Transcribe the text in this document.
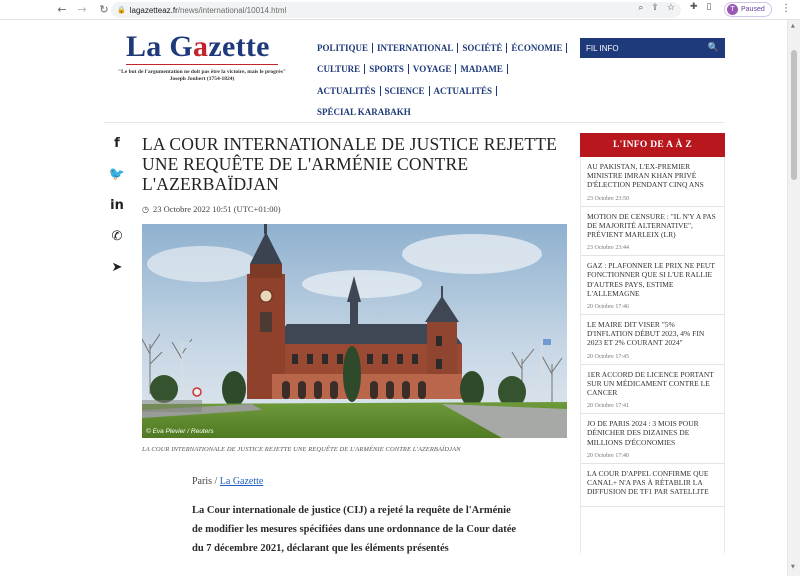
← →	↻	🔒 lagazetteaz.fr /news/international/10014.html	⌕ ⇪ ☆ ✚ ▯	T Paused ⋮
La Gazette
"Le but de l'argumentation ne doit pas être la victoire, mais le progrès"
Joseph Joubert (1754-1824)
POLITIQUE	INTERNATIONAL	SOCIÉTÉ	ÉCONOMIE
CULTURE	SPORTS	VOYAGE	MADAME
ACTUALITÉS	SCIENCE	ACTUALITÉS
SPÉCIAL KARABAKH
FIL INFO	🔍
f
🐦
in
✆
➤
LA COUR INTERNATIONALE DE JUSTICE REJETTE UNE REQUÊTE DE L'ARMÉNIE CONTRE L'AZERBAÏDJAN
◷ 23 Octobre 2022 10:51 (UTC+01:00)
© Eva Plevier / Reuters
LA COUR INTERNATIONALE DE JUSTICE REJETTE UNE REQUÊTE DE L'ARMÉNIE CONTRE L'AZERBAÏDJAN
Paris / La Gazette

La Cour internationale de justice (CIJ) a rejeté la requête de l'Arménie de modifier les mesures spécifiées dans une ordonnance de la Cour datée du 7 décembre 2021, déclarant que les éléments présentés

L'INFO DE A À Z
AU PAKISTAN, L'EX-PREMIER MINISTRE IMRAN KHAN PRIVÉ D'ÉLECTION PENDANT CINQ ANS
23 Octobre 23:50
MOTION DE CENSURE : "IL N'Y A PAS DE MAJORITÉ ALTERNATIVE", PRÉVIENT MARLEIX (LR)
23 Octobre 23:44
GAZ : PLAFONNER LE PRIX NE PEUT FONCTIONNER QUE SI L'UE RALLIE D'AUTRES PAYS, ESTIME L'ALLEMAGNE
20 Octobre 17:46
LE MAIRE DIT VISER "5% D'INFLATION DÉBUT 2023, 4% FIN 2023 ET 2% COURANT 2024"
20 Octobre 17:45
1ER ACCORD DE LICENCE PORTANT SUR UN MÉDICAMENT CONTRE LE CANCER
20 Octobre 17:41
JO DE PARIS 2024 : 3 MOIS POUR DÉNICHER DES DIZAINES DE MILLIONS D'ÉCONOMIES
20 Octobre 17:40
LA COUR D'APPEL CONFIRME QUE CANAL+ N'A PAS À RÉTABLIR LA DIFFUSION DE TF1 PAR SATELLITE
▲
▼
